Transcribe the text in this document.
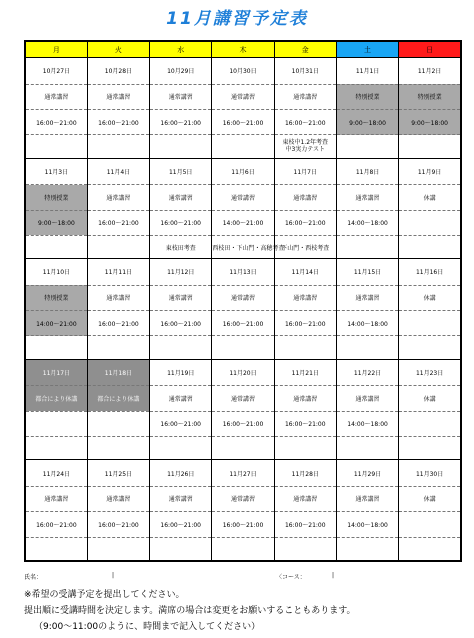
11月講習予定表
月	火	水	木	金	土	日
10月27日	10月28日	10月29日	10月30日	10月31日	11月1日	11月2日
通常講習	通常講習	通常講習	通常講習	通常講習	特別授業	特別授業
16:00～21:00	16:00～21:00	16:00～21:00	16:00～21:00	16:00～21:00	9:00～18:00	9:00～18:00
				東枝中1.2年考査
中3実力テスト		
11月3日	11月4日	11月5日	11月6日	11月7日	11月8日	11月9日
特別授業	通常講習	通常講習	通常講習	通常講習	通常講習	休講
9:00～18:00	16:00～21:00	16:00～21:00	14:00～21:00	16:00～21:00	14:00～18:00	
		東枝田考査	西枝田・下山門・高穂考査	下山門・西枝考査		
11月10日	11月11日	11月12日	11月13日	11月14日	11月15日	11月16日
特別授業	通常講習	通常講習	通常講習	通常講習	通常講習	休講
14:00～21:00	16:00～21:00	16:00～21:00	16:00～21:00	16:00～21:00	14:00～18:00	

11月17日	11月18日	11月19日	11月20日	11月21日	11月22日	11月23日
都合により休講	都合により休講	通常講習	通常講習	通常講習	通常講習	休講
		16:00～21:00	16:00～21:00	16:00～21:00	14:00～18:00	

11月24日	11月25日	11月26日	11月27日	11月28日	11月29日	11月30日
通常講習	通常講習	通常講習	通常講習	通常講習	通常講習	休講
16:00～21:00	16:00～21:00	16:00～21:00	16:00～21:00	16:00～21:00	14:00～18:00	

氏名：	|	〈コース：	|
※希望の受講予定を提出してください。
提出順に受講時間を決定します。満席の場合は変更をお願いすることもあります。
（9:00～11:00のように、時間まで記入してください）
